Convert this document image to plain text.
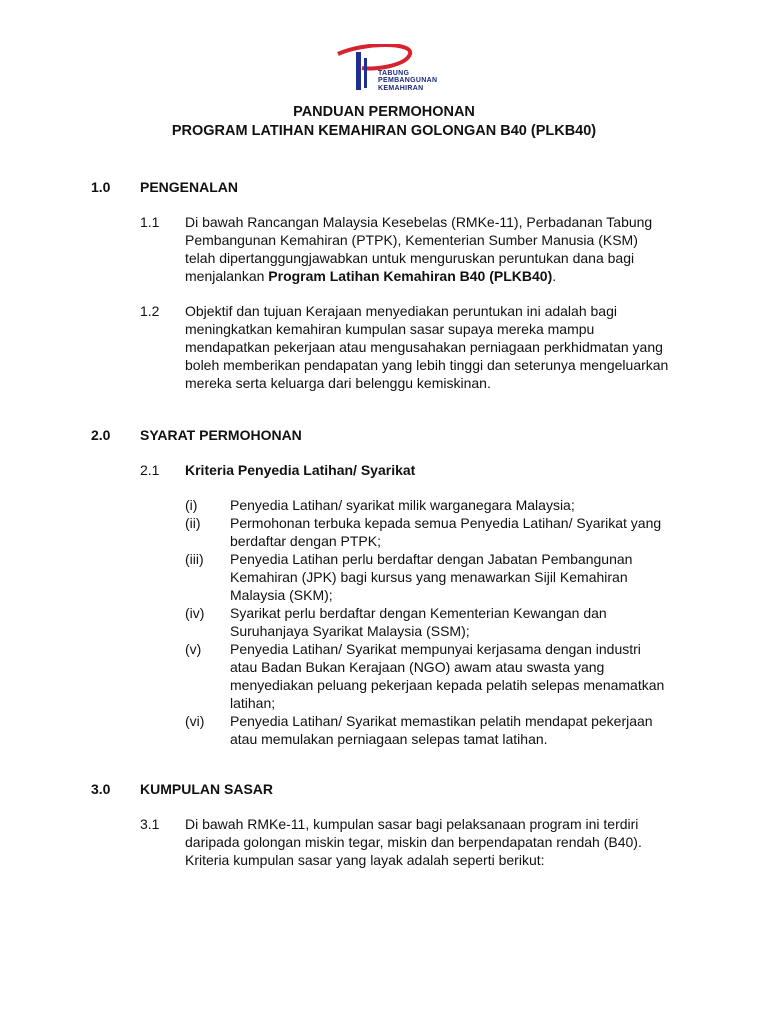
TABUNG
PEMBANGUNAN
KEMAHIRAN
PANDUAN PERMOHONAN
PROGRAM LATIHAN KEMAHIRAN GOLONGAN B40 (PLKB40)
1.0 PENGENALAN
1.1 Di bawah Rancangan Malaysia Kesebelas (RMKe-11), Perbadanan Tabung
Pembangunan Kemahiran (PTPK), Kementerian Sumber Manusia (KSM)
telah dipertanggungjawabkan untuk menguruskan peruntukan dana bagi
menjalankan Program Latihan Kemahiran B40 (PLKB40).
1.2 Objektif dan tujuan Kerajaan menyediakan peruntukan ini adalah bagi
meningkatkan kemahiran kumpulan sasar supaya mereka mampu
mendapatkan pekerjaan atau mengusahakan perniagaan perkhidmatan yang
boleh memberikan pendapatan yang lebih tinggi dan seterunya mengeluarkan
mereka serta keluarga dari belenggu kemiskinan.
2.0 SYARAT PERMOHONAN
2.1 Kriteria Penyedia Latihan/ Syarikat
(i) Penyedia Latihan/ syarikat milik warganegara Malaysia;
(ii) Permohonan terbuka kepada semua Penyedia Latihan/ Syarikat yang
berdaftar dengan PTPK;
(iii) Penyedia Latihan perlu berdaftar dengan Jabatan Pembangunan
Kemahiran (JPK) bagi kursus yang menawarkan Sijil Kemahiran
Malaysia (SKM);
(iv) Syarikat perlu berdaftar dengan Kementerian Kewangan dan
Suruhanjaya Syarikat Malaysia (SSM);
(v) Penyedia Latihan/ Syarikat mempunyai kerjasama dengan industri
atau Badan Bukan Kerajaan (NGO) awam atau swasta yang
menyediakan peluang pekerjaan kepada pelatih selepas menamatkan
latihan;
(vi) Penyedia Latihan/ Syarikat memastikan pelatih mendapat pekerjaan
atau memulakan perniagaan selepas tamat latihan.
3.0 KUMPULAN SASAR
3.1 Di bawah RMKe-11, kumpulan sasar bagi pelaksanaan program ini terdiri
daripada golongan miskin tegar, miskin dan berpendapatan rendah (B40).
Kriteria kumpulan sasar yang layak adalah seperti berikut:
